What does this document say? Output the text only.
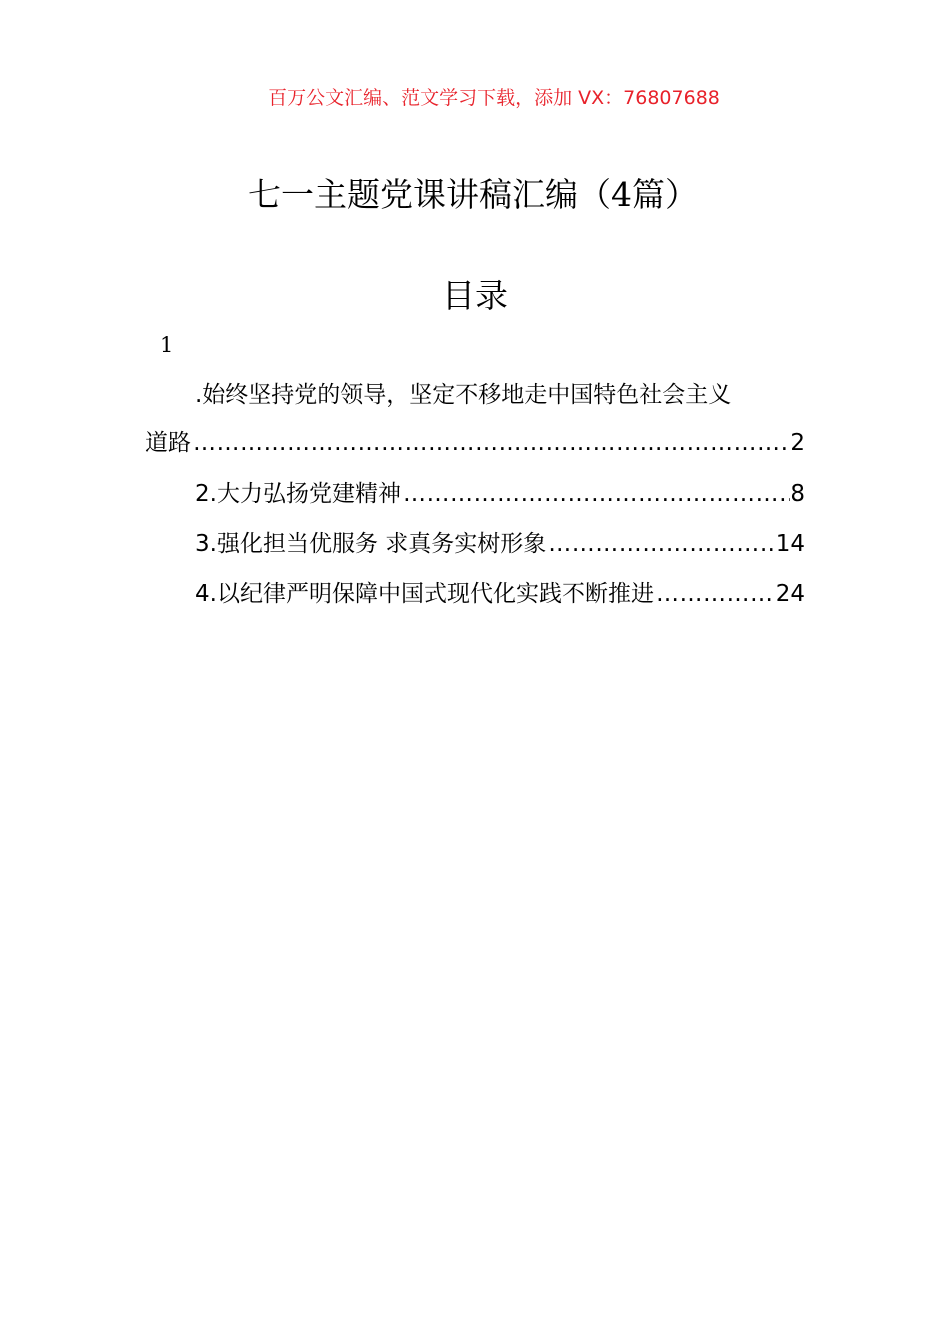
百万公文汇编、范文学习下载，添加 VX：76807688
七一主题党课讲稿汇编（4篇）
目录
1
.始终坚持党的领导，坚定不移地走中国特色社会主义
道路 ……………………………………………………………………………………………………………………………………	2
2.大力弘扬党建精神 ……………………………………………………………………………………………………………………………………	8
3.强化担当优服务 求真务实树形象 ……………………………………………………………………………………………………………………………………	14
4.以纪律严明保障中国式现代化实践不断推进 ……………………………………………………………………………………………………………………………………	24
